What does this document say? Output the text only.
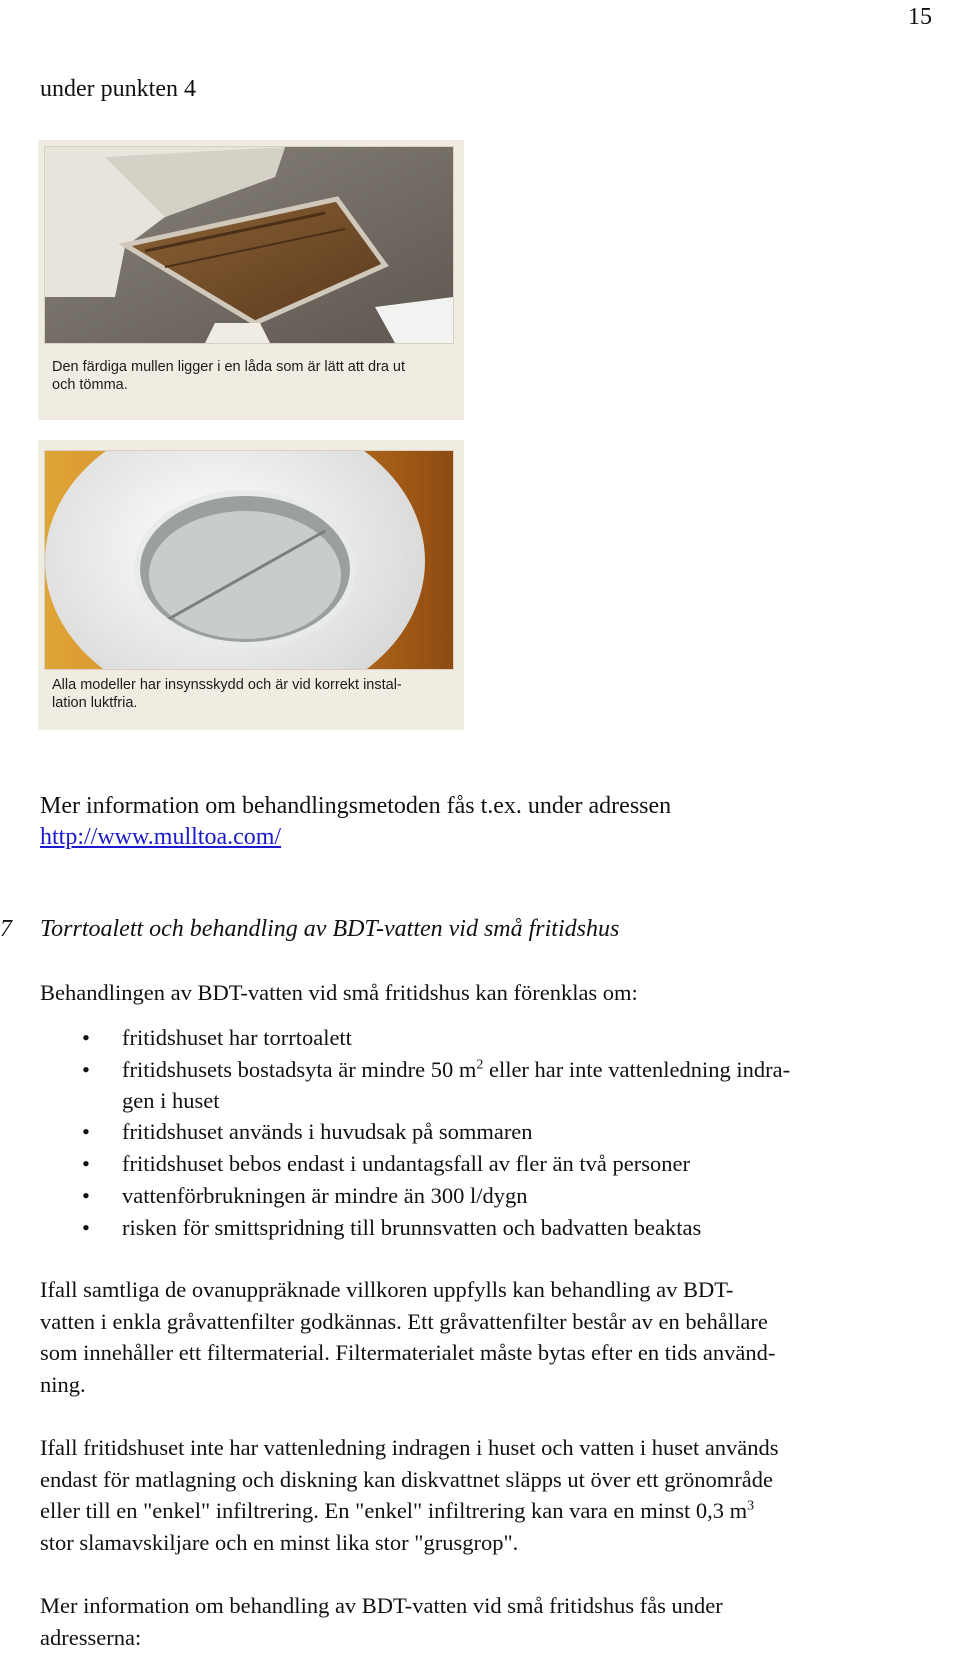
15
under punkten 4
Den färdiga mullen ligger i en låda som är lätt att dra ut
och tömma.
Alla modeller har insynsskydd och är vid korrekt instal-
lation luktfria.
Mer information om behandlingsmetoden fås t.ex. under adressen
http://www.mulltoa.com/
7 Torrtoalett och behandling av BDT-vatten vid små fritidshus
Behandlingen av BDT-vatten vid små fritidshus kan förenklas om:
• fritidshuset har torrtoalett
• fritidshusets bostadsyta är mindre 50 $m^2$ eller har inte vattenledning indra-
gen i huset
• fritidshuset används i huvudsak på sommaren
• fritidshuset bebos endast i undantagsfall av fler än två personer
• vattenförbrukningen är mindre än 300 l/dygn
• risken för smittspridning till brunnsvatten och badvatten beaktas
Ifall samtliga de ovanuppräknade villkoren uppfylls kan behandling av BDT-
vatten i enkla gråvattenfilter godkännas. Ett gråvattenfilter består av en behållare
som innehåller ett filtermaterial. Filtermaterialet måste bytas efter en tids använd-
ning.
Ifall fritidshuset inte har vattenledning indragen i huset och vatten i huset används
endast för matlagning och diskning kan diskvattnet släpps ut över ett grönområde
eller till en "enkel" infiltrering. En "enkel" infiltrering kan vara en minst 0,3 $m^3$
stor slamavskiljare och en minst lika stor "grusgrop".
Mer information om behandling av BDT-vatten vid små fritidshus fås under
adresserna:
